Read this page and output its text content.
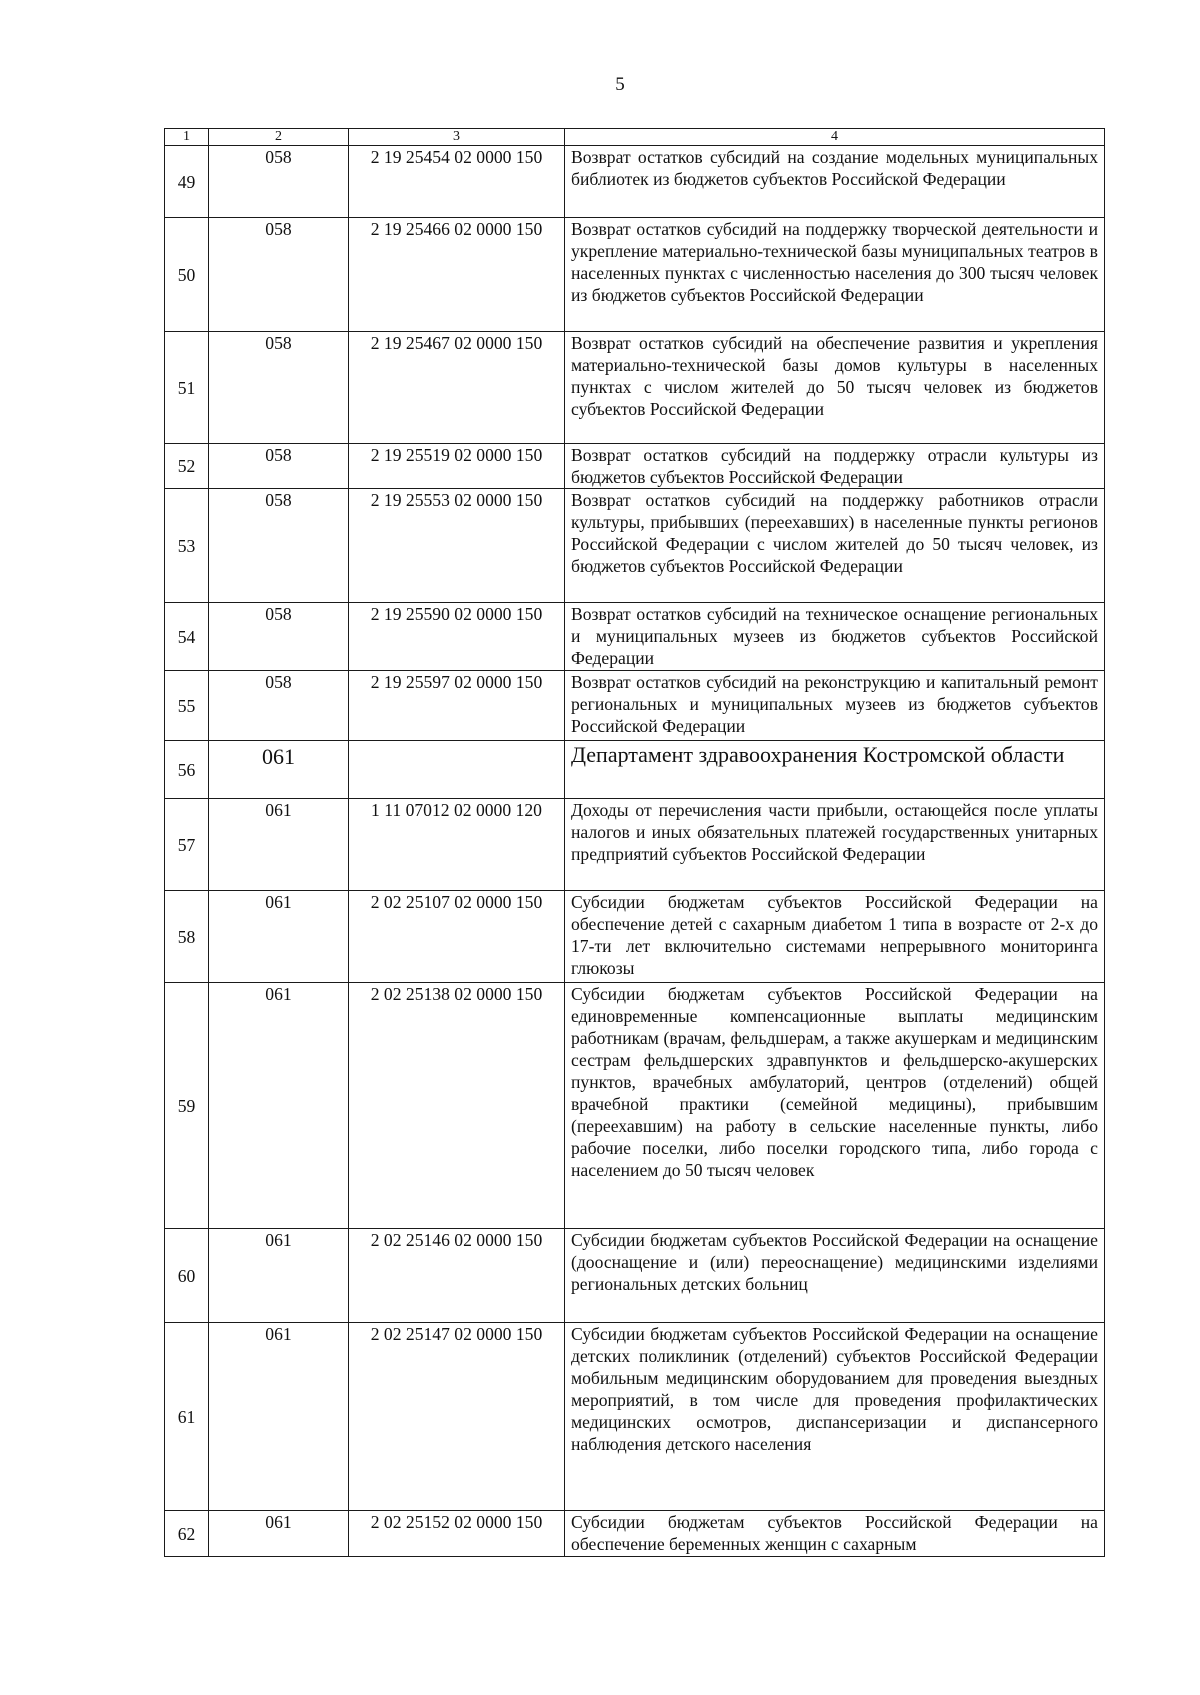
5
1	2	3	4
49	058	2 19 25454 02 0000 150	Возврат остатков субсидий на создание модельных муниципальных библиотек из бюджетов субъектов Российской Федерации
50	058	2 19 25466 02 0000 150	Возврат остатков субсидий на поддержку творческой деятельности и укрепление материально-технической базы муниципальных театров в населенных пунктах с численностью населения до 300 тысяч человек из бюджетов субъектов Российской Федерации
51	058	2 19 25467 02 0000 150	Возврат остатков субсидий на обеспечение развития и укрепления материально-технической базы домов культуры в населенных пунктах с числом жителей до 50 тысяч человек из бюджетов субъектов Российской Федерации
52	058	2 19 25519 02 0000 150	Возврат остатков субсидий на поддержку отрасли культуры из бюджетов субъектов Российской Федерации
53	058	2 19 25553 02 0000 150	Возврат остатков субсидий на поддержку работников отрасли культуры, прибывших (переехавших) в населенные пункты регионов Российской Федерации с числом жителей до 50 тысяч человек, из бюджетов субъектов Российской Федерации
54	058	2 19 25590 02 0000 150	Возврат остатков субсидий на техническое оснащение региональных и муниципальных музеев из бюджетов субъектов Российской Федерации
55	058	2 19 25597 02 0000 150	Возврат остатков субсидий на реконструкцию и капитальный ремонт региональных и муниципальных музеев из бюджетов субъектов Российской Федерации
56	061		Департамент здравоохранения Костромской области
57	061	1 11 07012 02 0000 120	Доходы от перечисления части прибыли, остающейся после уплаты налогов и иных обязательных платежей государственных унитарных предприятий субъектов Российской Федерации
58	061	2 02 25107 02 0000 150	Субсидии бюджетам субъектов Российской Федерации на обеспечение детей с сахарным диабетом 1 типа в возрасте от 2-х до 17-ти лет включительно системами непрерывного мониторинга глюкозы
59	061	2 02 25138 02 0000 150	Субсидии бюджетам субъектов Российской Федерации на единовременные компенсационные выплаты медицинским работникам (врачам, фельдшерам, а также акушеркам и медицинским сестрам фельдшерских здравпунктов и фельдшерско-акушерских пунктов, врачебных амбулаторий, центров (отделений) общей врачебной практики (семейной медицины), прибывшим (переехавшим) на работу в сельские населенные пункты, либо рабочие поселки, либо поселки городского типа, либо города с населением до 50 тысяч человек
60	061	2 02 25146 02 0000 150	Субсидии бюджетам субъектов Российской Федерации на оснащение (дооснащение и (или) переоснащение) медицинскими изделиями региональных детских больниц
61	061	2 02 25147 02 0000 150	Субсидии бюджетам субъектов Российской Федерации на оснащение детских поликлиник (отделений) субъектов Российской Федерации мобильным медицинским оборудованием для проведения выездных мероприятий, в том числе для проведения профилактических медицинских осмотров, диспансеризации и диспансерного наблюдения детского населения
62	061	2 02 25152 02 0000 150	Субсидии бюджетам субъектов Российской Федерации на обеспечение беременных женщин с сахарным
